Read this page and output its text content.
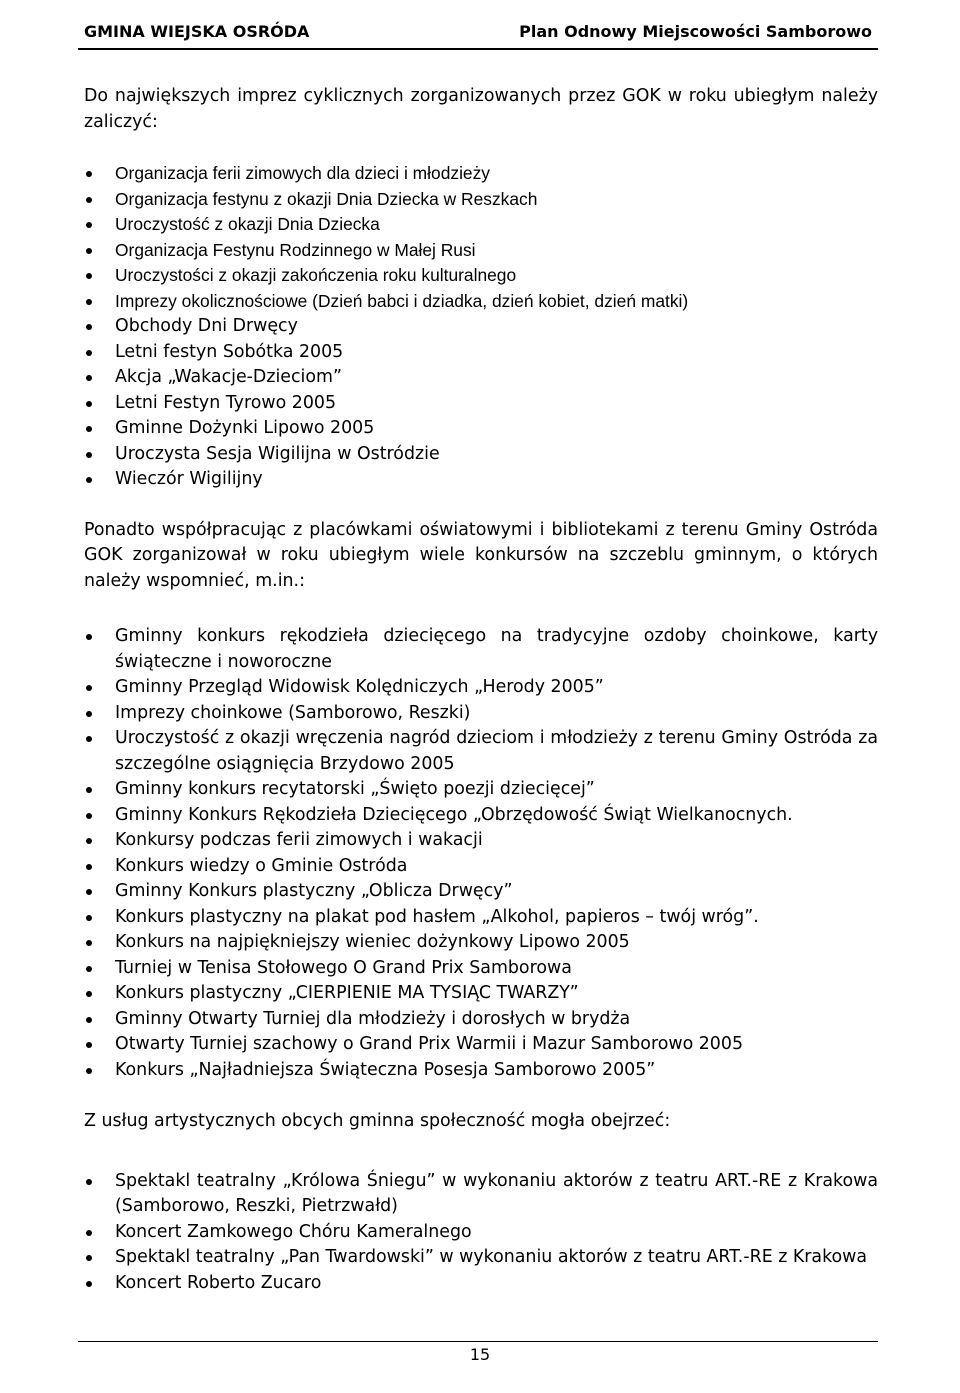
GMINA WIEJSKA OSRÓDA	Plan Odnowy Miejscowości Samborowo

Do największych imprez cyklicznych zorganizowanych przez GOK w roku ubiegłym należy zaliczyć:

Organizacja ferii zimowych dla dzieci i młodzieży
Organizacja festynu z okazji Dnia Dziecka w Reszkach
Uroczystość z okazji Dnia Dziecka
Organizacja Festynu Rodzinnego w Małej Rusi
Uroczystości z okazji zakończenia roku kulturalnego
Imprezy okolicznościowe (Dzień babci i dziadka, dzień kobiet, dzień matki)
Obchody Dni Drwęcy
Letni festyn Sobótka 2005
Akcja „Wakacje-Dzieciom”
Letni Festyn Tyrowo 2005
Gminne Dożynki Lipowo 2005
Uroczysta Sesja Wigilijna w Ostródzie
Wieczór Wigilijny

Ponadto współpracując z placówkami oświatowymi i bibliotekami z terenu Gminy Ostróda GOK zorganizował w roku ubiegłym wiele konkursów na szczeblu gminnym, o których należy wspomnieć, m.in.:

Gminny konkurs rękodzieła dziecięcego na tradycyjne ozdoby choinkowe, karty świąteczne i noworoczne
Gminny Przegląd Widowisk Kolędniczych „Herody 2005”
Imprezy choinkowe (Samborowo, Reszki)
Uroczystość z okazji wręczenia nagród dzieciom i młodzieży z terenu Gminy Ostróda za szczególne osiągnięcia Brzydowo 2005
Gminny konkurs recytatorski „Święto poezji dziecięcej”
Gminny Konkurs Rękodzieła Dziecięcego „Obrzędowość Świąt Wielkanocnych.
Konkursy podczas ferii zimowych i wakacji
Konkurs wiedzy o Gminie Ostróda
Gminny Konkurs plastyczny „Oblicza Drwęcy”
Konkurs plastyczny na plakat pod hasłem „Alkohol, papieros – twój wróg”.
Konkurs na najpiękniejszy wieniec dożynkowy Lipowo 2005
Turniej w Tenisa Stołowego O Grand Prix Samborowa
Konkurs plastyczny „CIERPIENIE MA TYSIĄC TWARZY”
Gminny Otwarty Turniej dla młodzieży i dorosłych w brydża
Otwarty Turniej szachowy o Grand Prix Warmii i Mazur Samborowo 2005
Konkurs „Najładniejsza Świąteczna Posesja Samborowo 2005”

Z usług artystycznych obcych gminna społeczność mogła obejrzeć:

Spektakl teatralny „Królowa Śniegu” w wykonaniu aktorów z teatru ART.-RE z Krakowa (Samborowo, Reszki, Pietrzwałd)
Koncert Zamkowego Chóru Kameralnego
Spektakl teatralny „Pan Twardowski” w wykonaniu aktorów z teatru ART.-RE z Krakowa
Koncert Roberto Zucaro
15
